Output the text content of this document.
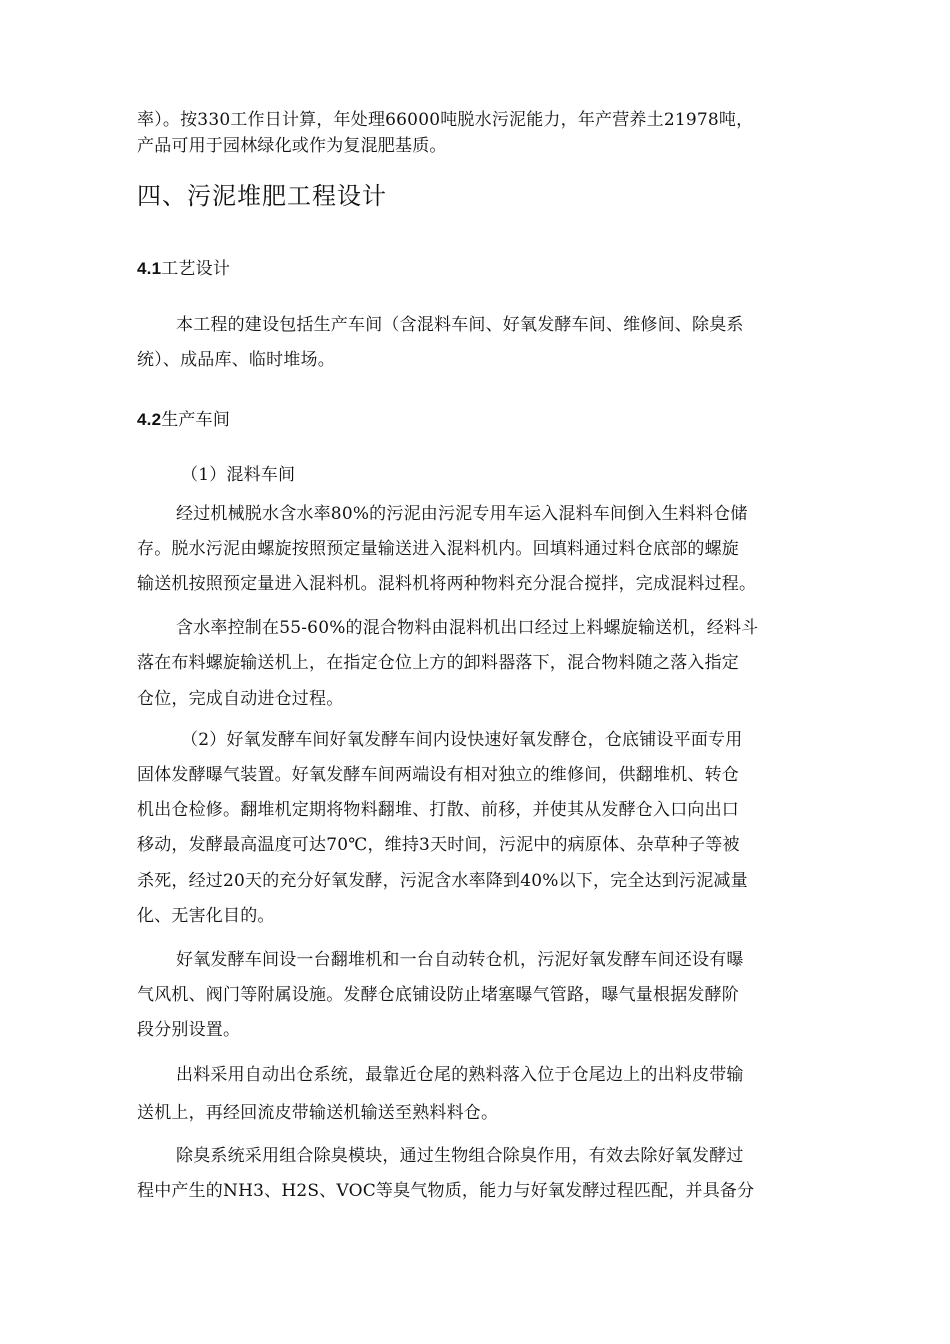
率）。按330工作日计算，年处理66000吨脱水污泥能力，年产营养土21978吨，

产品可用于园林绿化或作为复混肥基质。

四、污泥堆肥工程设计
4.1工艺设计

本工程的建设包括生产车间（含混料车间、好氧发酵车间、维修间、除臭系

统）、成品库、临时堆场。

4.2生产车间

（1）混料车间

经过机械脱水含水率80%的污泥由污泥专用车运入混料车间倒入生料料仓储

存。脱水污泥由螺旋按照预定量输送进入混料机内。回填料通过料仓底部的螺旋

输送机按照预定量进入混料机。混料机将两种物料充分混合搅拌，完成混料过程。

含水率控制在55-60%的混合物料由混料机出口经过上料螺旋输送机，经料斗

落在布料螺旋输送机上，在指定仓位上方的卸料器落下，混合物料随之落入指定

仓位，完成自动进仓过程。

（2）好氧发酵车间好氧发酵车间内设快速好氧发酵仓，仓底铺设平面专用

固体发酵曝气装置。好氧发酵车间两端设有相对独立的维修间，供翻堆机、转仓

机出仓检修。翻堆机定期将物料翻堆、打散、前移，并使其从发酵仓入口向出口

移动，发酵最高温度可达70℃，维持3天时间，污泥中的病原体、杂草种子等被

杀死，经过20天的充分好氧发酵，污泥含水率降到40%以下，完全达到污泥减量

化、无害化目的。

好氧发酵车间设一台翻堆机和一台自动转仓机，污泥好氧发酵车间还设有曝

气风机、阀门等附属设施。发酵仓底铺设防止堵塞曝气管路，曝气量根据发酵阶

段分别设置。

出料采用自动出仓系统，最靠近仓尾的熟料落入位于仓尾边上的出料皮带输

送机上，再经回流皮带输送机输送至熟料料仓。

除臭系统采用组合除臭模块，通过生物组合除臭作用，有效去除好氧发酵过

程中产生的NH3、H2S、VOC等臭气物质，能力与好氧发酵过程匹配，并具备分
